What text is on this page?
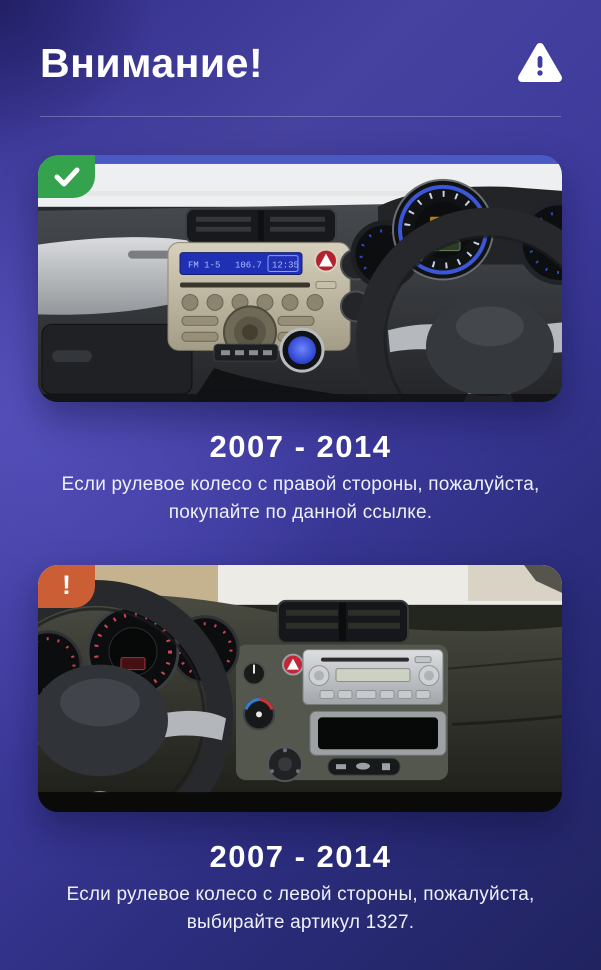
Внимание!
FM 1-5 106.7 12:35
2007 - 2014
Если рулевое колесо с правой стороны, пожалуйста,
покупайте по данной ссылке.
!
2007 - 2014
Если рулевое колесо с левой стороны, пожалуйста,
выбирайте артикул 1327.
